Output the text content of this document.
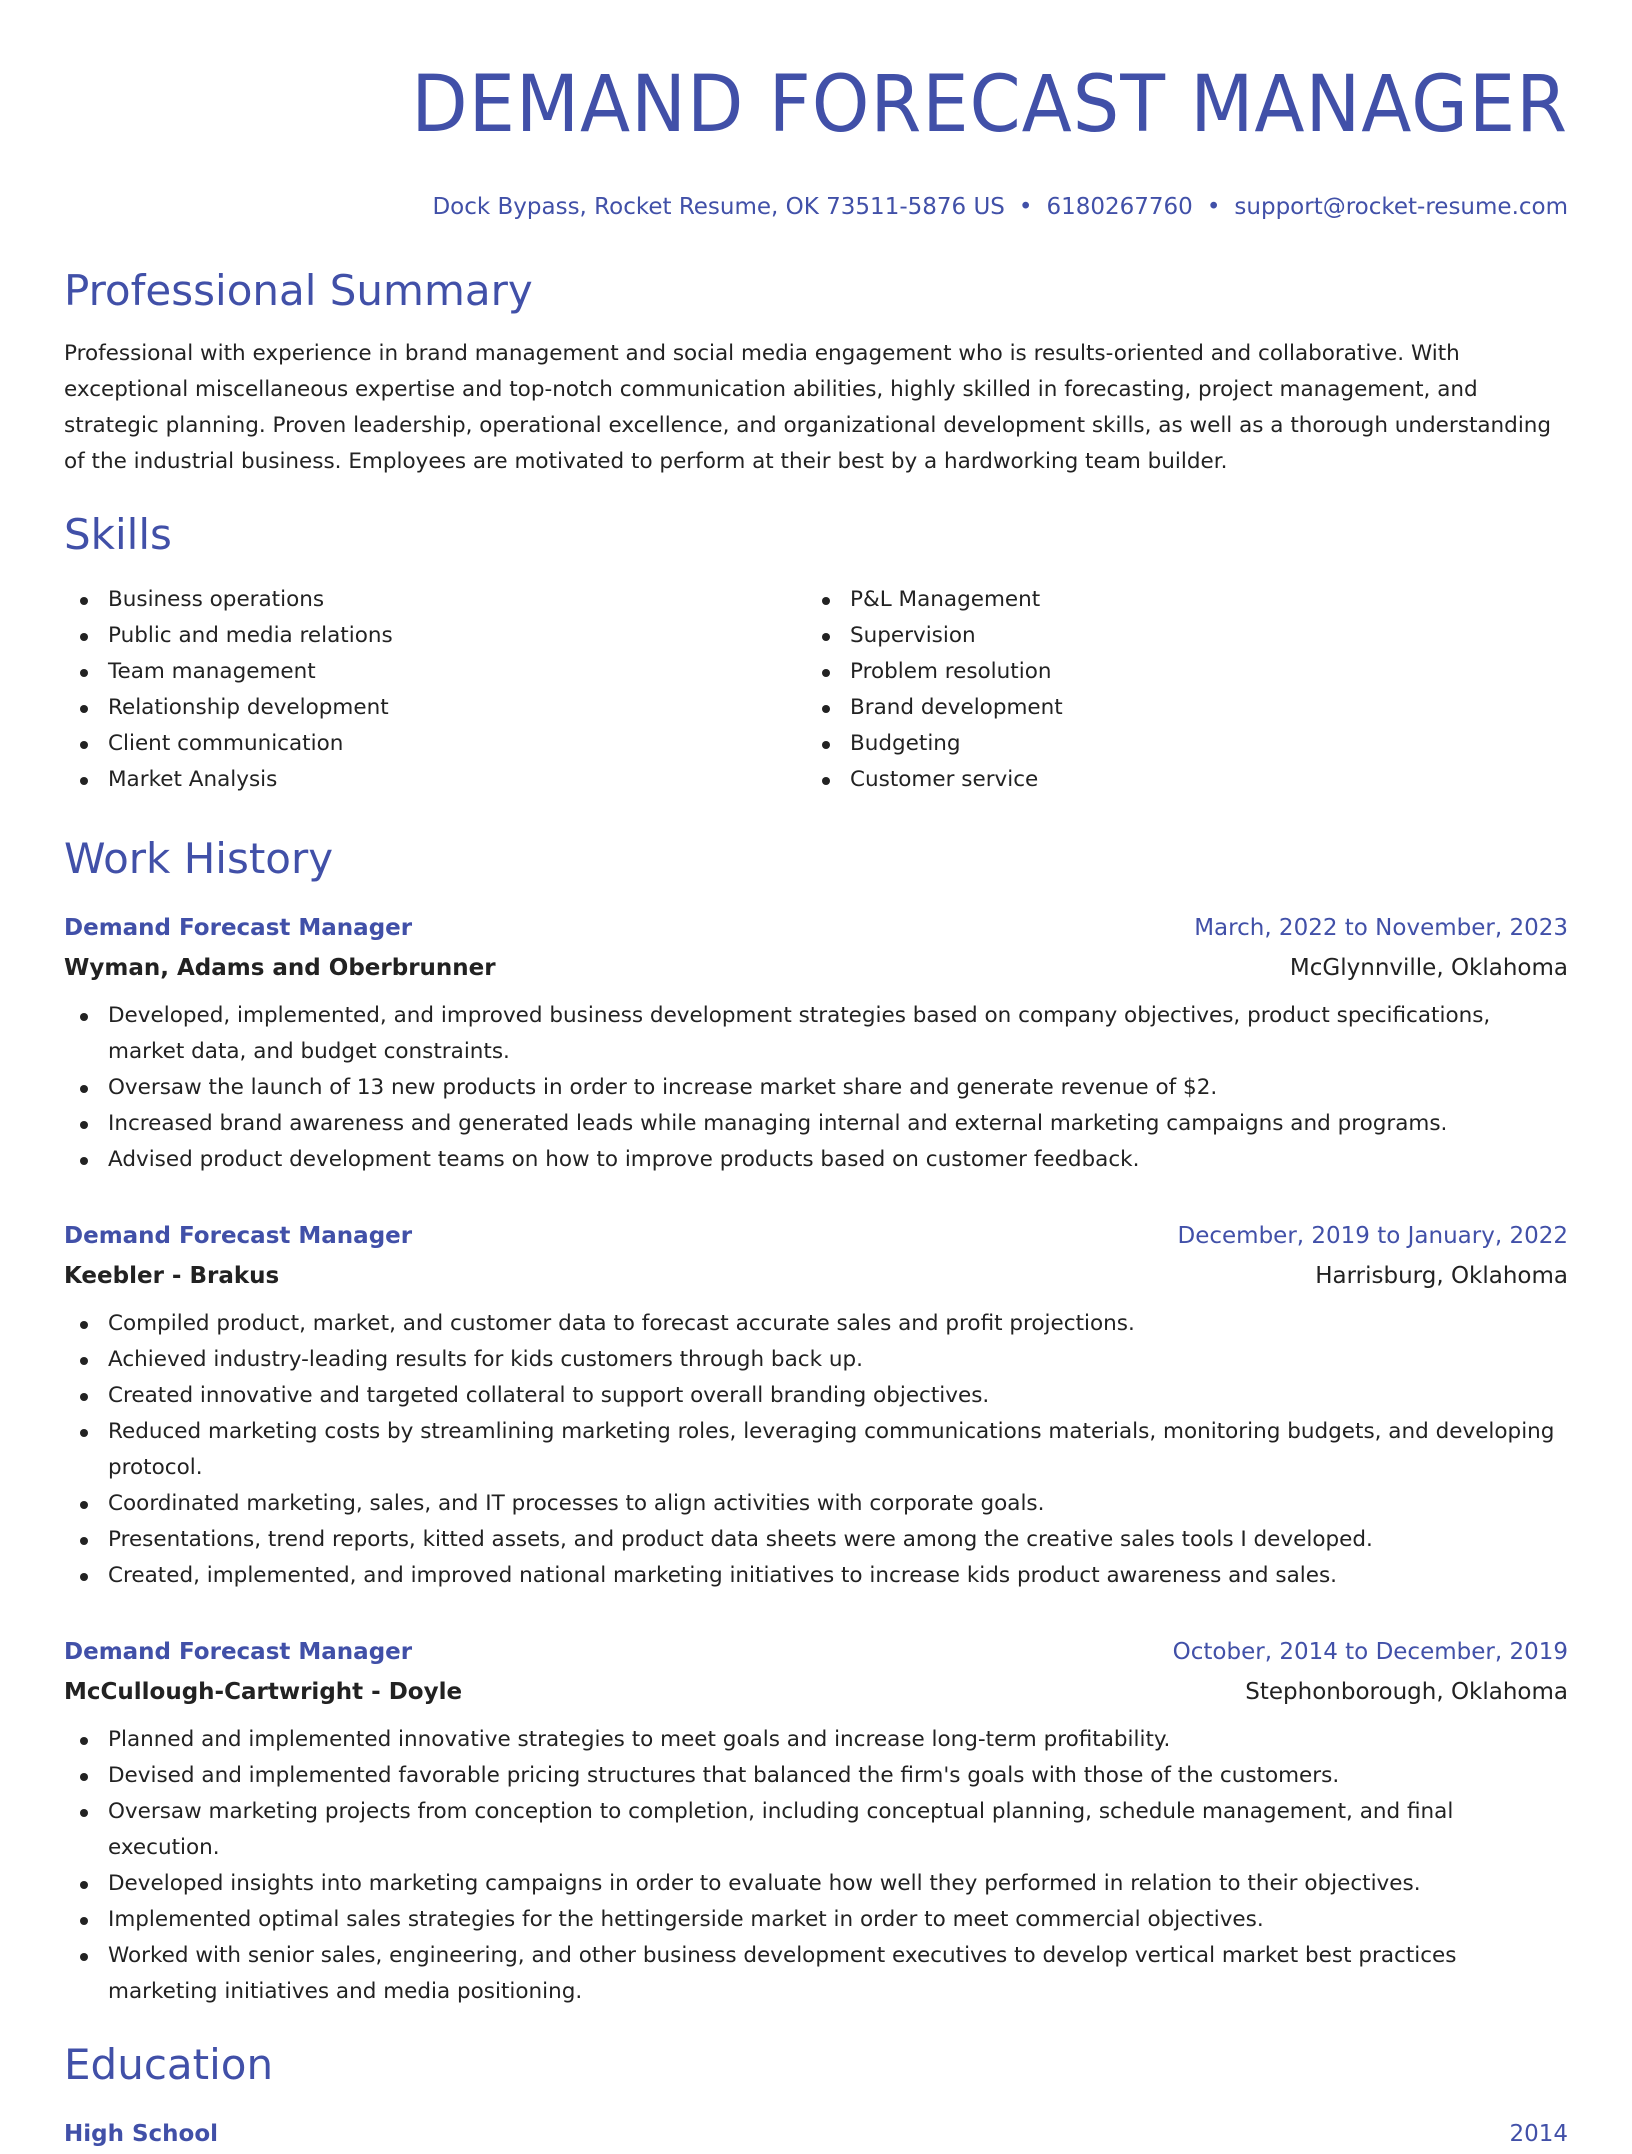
DEMAND FORECAST MANAGER
Dock Bypass, Rocket Resume, OK 73511-5876 US • 6180267760 • support@rocket-resume.com
Professional Summary
Professional with experience in brand management and social media engagement who is results-oriented and collaborative. With exceptional miscellaneous expertise and top-notch communication abilities, highly skilled in forecasting, project management, and strategic planning. Proven leadership, operational excellence, and organizational development skills, as well as a thorough understanding of the industrial business. Employees are motivated to perform at their best by a hardworking team builder.
Skills
Business operations
Public and media relations
Team management
Relationship development
Client communication
Market Analysis
P&L Management
Supervision
Problem resolution
Brand development
Budgeting
Customer service
Work History
Demand Forecast Manager	March, 2022 to November, 2023
Wyman, Adams and Oberbrunner	McGlynnville, Oklahoma
Developed, implemented, and improved business development strategies based on company objectives, product specifications, market data, and budget constraints.
Oversaw the launch of 13 new products in order to increase market share and generate revenue of $2.
Increased brand awareness and generated leads while managing internal and external marketing campaigns and programs.
Advised product development teams on how to improve products based on customer feedback.
Demand Forecast Manager	December, 2019 to January, 2022
Keebler - Brakus	Harrisburg, Oklahoma
Compiled product, market, and customer data to forecast accurate sales and profit projections.
Achieved industry-leading results for kids customers through back up.
Created innovative and targeted collateral to support overall branding objectives.
Reduced marketing costs by streamlining marketing roles, leveraging communications materials, monitoring budgets, and developing protocol.
Coordinated marketing, sales, and IT processes to align activities with corporate goals.
Presentations, trend reports, kitted assets, and product data sheets were among the creative sales tools I developed.
Created, implemented, and improved national marketing initiatives to increase kids product awareness and sales.
Demand Forecast Manager	October, 2014 to December, 2019
McCullough-Cartwright - Doyle	Stephonborough, Oklahoma
Planned and implemented innovative strategies to meet goals and increase long-term profitability.
Devised and implemented favorable pricing structures that balanced the firm's goals with those of the customers.
Oversaw marketing projects from conception to completion, including conceptual planning, schedule management, and final execution.
Developed insights into marketing campaigns in order to evaluate how well they performed in relation to their objectives.
Implemented optimal sales strategies for the hettingerside market in order to meet commercial objectives.
Worked with senior sales, engineering, and other business development executives to develop vertical market best practices marketing initiatives and media positioning.
Education
High School	2014
